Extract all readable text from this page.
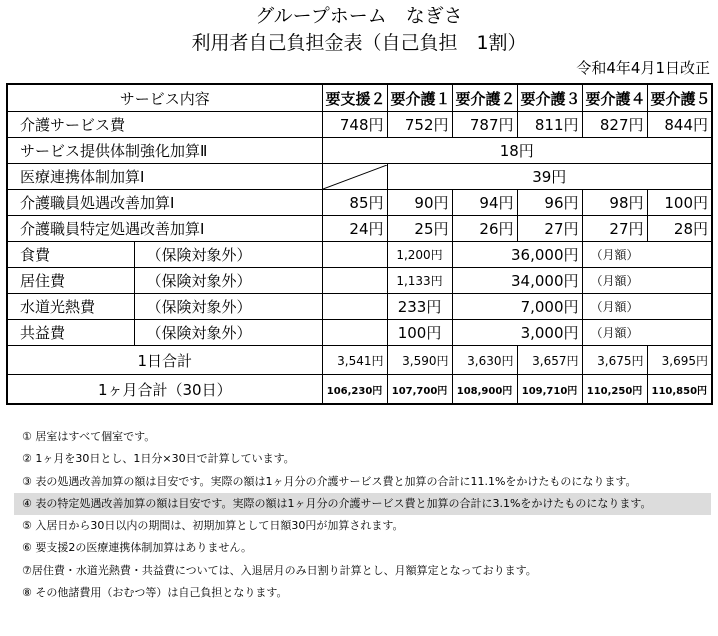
グループホーム　なぎさ
利用者自己負担金表（自己負担　1割）
令和4年4月1日改正
サービス内容		要支援２	要介護１	要介護２	要介護３	要介護４	要介護５
介護サービス費		748円	752円	787円	811円	827円	844円
サービス提供体制強化加算Ⅱ		18円					
医療連携体制加算Ⅰ			39円				
介護職員処遇改善加算Ⅰ		85円	90円	94円	96円	98円	100円
介護職員特定処遇改善加算Ⅰ		24円	25円	26円	27円	27円	28円
食費	（保険対象外）		1,200円	36,000円		（月額）	
居住費	（保険対象外）		1,133円	34,000円		（月額）	
水道光熱費	（保険対象外）		233円	7,000円		（月額）	
共益費	（保険対象外）		100円	3,000円		（月額）	
1日合計		3,541円	3,590円	3,630円	3,657円	3,675円	3,695円
1ヶ月合計（30日）		106,230円	107,700円	108,900円	109,710円	110,250円	110,850円
① 居室はすべて個室です。
② 1ヶ月を30日とし、1日分×30日で計算しています。
③ 表の処遇改善加算の額は目安です。実際の額は1ヶ月分の介護サービス費と加算の合計に11.1%をかけたものになります。
④ 表の特定処遇改善加算の額は目安です。実際の額は1ヶ月分の介護サービス費と加算の合計に3.1%をかけたものになります。
⑤ 入居日から30日以内の期間は、初期加算として日額30円が加算されます。
⑥ 要支援2の医療連携体制加算はありません。
⑦居住費・水道光熱費・共益費については、入退居月のみ日割り計算とし、月額算定となっております。
⑧ その他諸費用（おむつ等）は自己負担となります。
